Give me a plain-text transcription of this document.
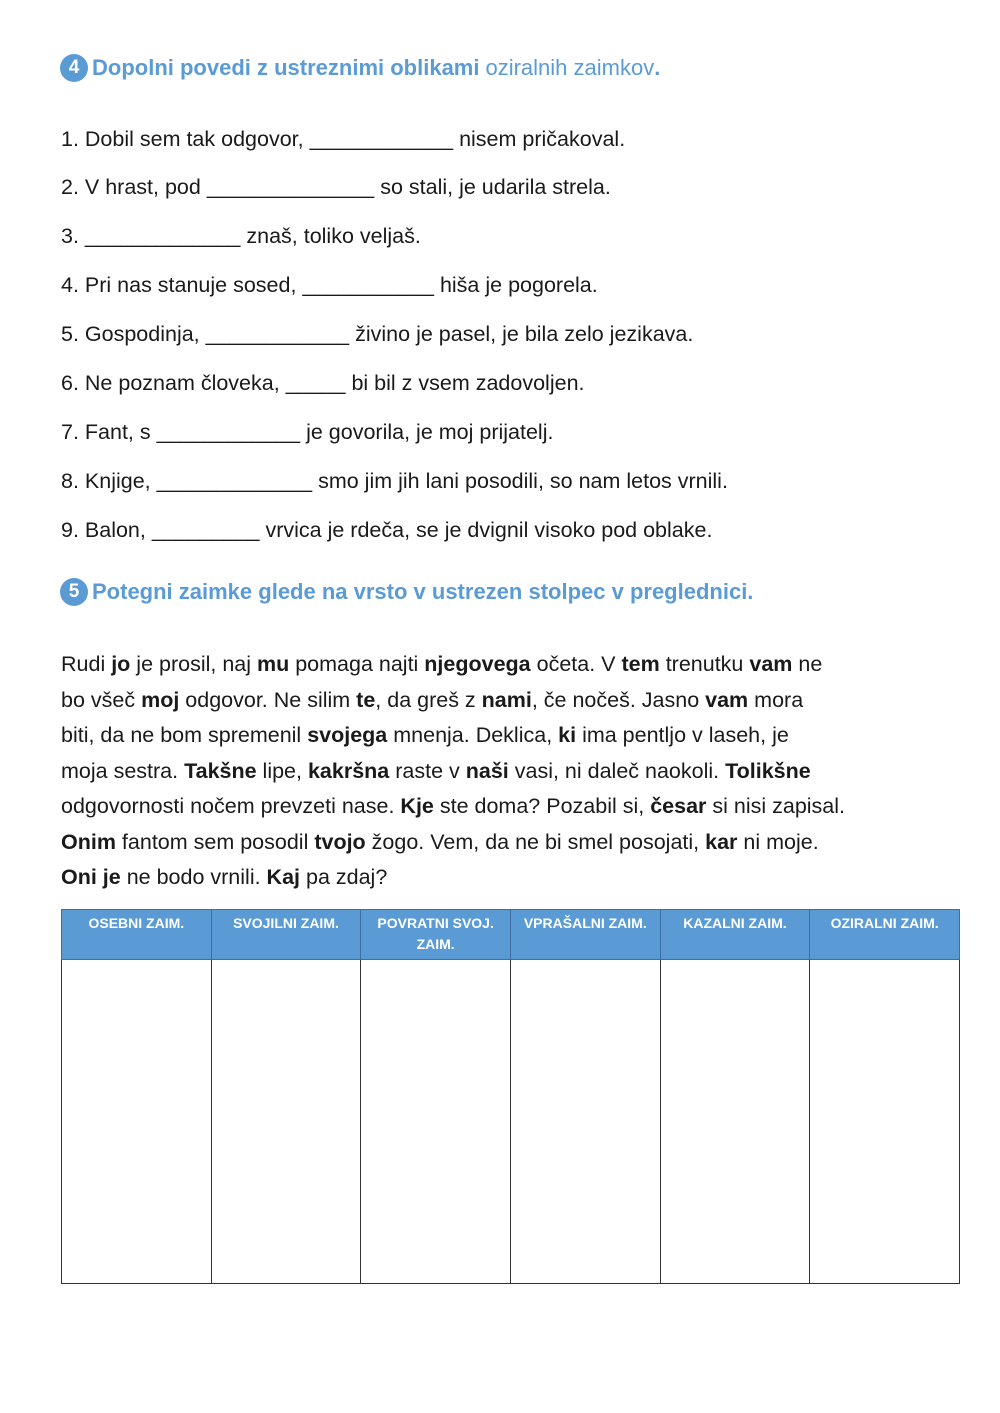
4 Dopolni povedi z ustreznimi oblikami oziralnih zaimkov .
1. Dobil sem tak odgovor, ____________ nisem pričakoval.
2. V hrast, pod ______________ so stali, je udarila strela.
3. _____________ znaš, toliko veljaš.
4. Pri nas stanuje sosed, ___________ hiša je pogorela.
5. Gospodinja, ____________ živino je pasel, je bila zelo jezikava.
6. Ne poznam človeka, _____ bi bil z vsem zadovoljen.
7. Fant, s ____________ je govorila, je moj prijatelj.
8. Knjige, _____________ smo jim jih lani posodili, so nam letos vrnili.
9. Balon, _________ vrvica je rdeča, se je dvignil visoko pod oblake.
5 Potegni zaimke glede na vrsto v ustrezen stolpec v preglednici.
Rudi jo je prosil, naj mu pomaga najti njegovega očeta. V tem trenutku vam ne
bo všeč moj odgovor. Ne silim te, da greš z nami, če nočeš. Jasno vam mora
biti, da ne bom spremenil svojega mnenja. Deklica, ki ima pentljo v laseh, je
moja sestra. Takšne lipe, kakršna raste v naši vasi, ni daleč naokoli. Tolikšne
odgovornosti nočem prevzeti nase. Kje ste doma? Pozabil si, česar si nisi zapisal.
Onim fantom sem posodil tvojo žogo. Vem, da ne bi smel posojati, kar ni moje.
Oni je ne bodo vrnili. Kaj pa zdaj?
OSEBNI ZAIM.	SVOJILNI ZAIM.	POVRATNI SVOJ. ZAIM.	VPRAŠALNI ZAIM.	KAZALNI ZAIM.	OZIRALNI ZAIM.
